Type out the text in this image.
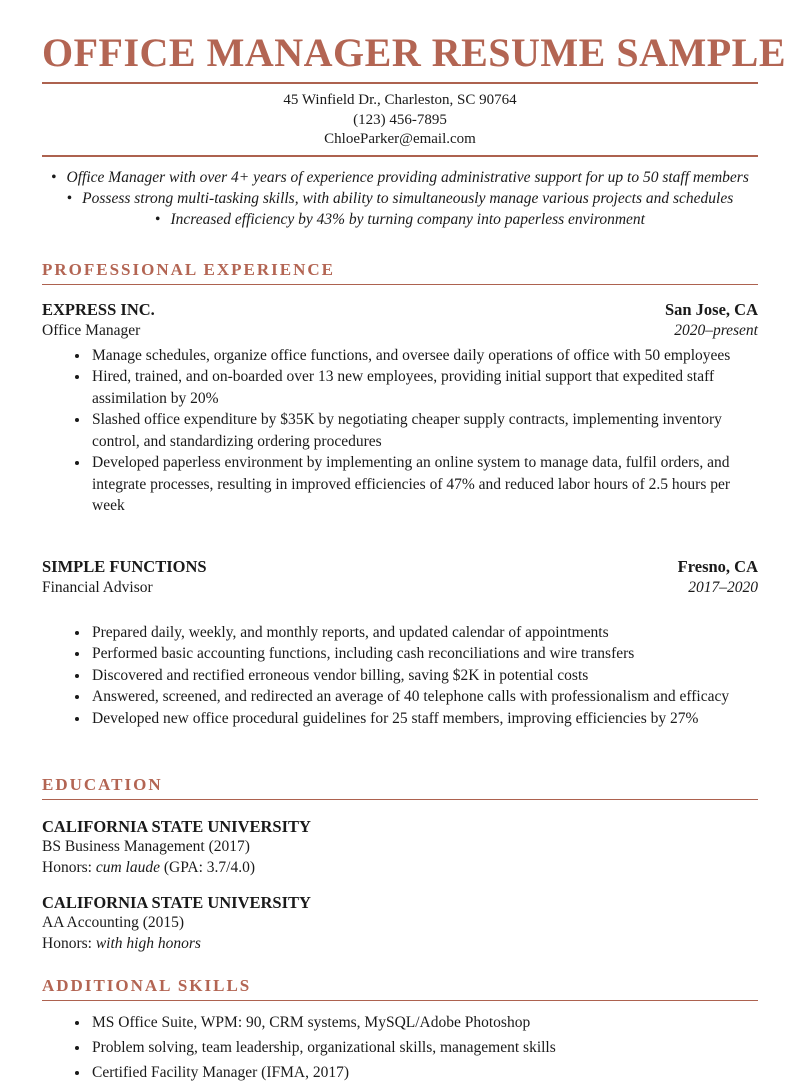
OFFICE MANAGER RESUME SAMPLE
45 Winfield Dr., Charleston, SC 90764
(123) 456-7895
ChloeParker@email.com
• Office Manager with over 4+ years of experience providing administrative support for up to 50 staff members
• Possess strong multi-tasking skills, with ability to simultaneously manage various projects and schedules
• Increased efficiency by 43% by turning company into paperless environment
PROFESSIONAL EXPERIENCE
EXPRESS INC.	San Jose, CA
Office Manager	2020–present
• Manage schedules, organize office functions, and oversee daily operations of office with 50 employees
• Hired, trained, and on-boarded over 13 new employees, providing initial support that expedited staff assimilation by 20%
• Slashed office expenditure by $35K by negotiating cheaper supply contracts, implementing inventory control, and standardizing ordering procedures
• Developed paperless environment by implementing an online system to manage data, fulfil orders, and integrate processes, resulting in improved efficiencies of 47% and reduced labor hours of 2.5 hours per week
SIMPLE FUNCTIONS	Fresno, CA
Financial Advisor	2017–2020
• Prepared daily, weekly, and monthly reports, and updated calendar of appointments
• Performed basic accounting functions, including cash reconciliations and wire transfers
• Discovered and rectified erroneous vendor billing, saving $2K in potential costs
• Answered, screened, and redirected an average of 40 telephone calls with professionalism and efficacy
• Developed new office procedural guidelines for 25 staff members, improving efficiencies by 27%
EDUCATION
CALIFORNIA STATE UNIVERSITY
BS Business Management (2017)
Honors: cum laude (GPA: 3.7/4.0)
CALIFORNIA STATE UNIVERSITY
AA Accounting (2015)
Honors: with high honors
ADDITIONAL SKILLS
• MS Office Suite, WPM: 90, CRM systems, MySQL/Adobe Photoshop
• Problem solving, team leadership, organizational skills, management skills
• Certified Facility Manager (IFMA, 2017)
